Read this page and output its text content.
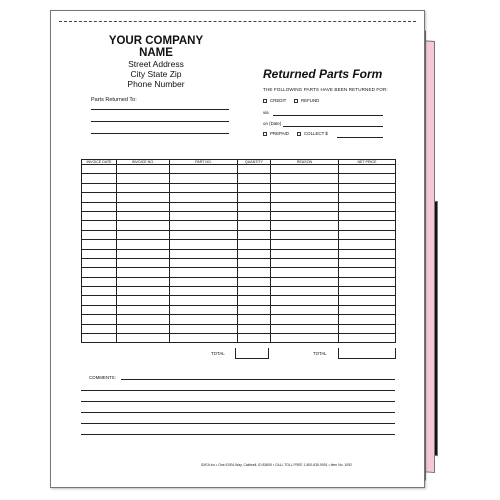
YOUR COMPANY
NAME
Street Address
City State Zip
Phone Number
Returned Parts Form
THE FOLLOWING PARTS HAVE BEEN RETURNED FOR:
CREDIT	REFUND
via
on (Date)
PREPAID	COLLECT $
Parts Returned To:
INVOICE DATE	INVOICE NO.	PART NO.	QUANTITY	REASON	NET PRICE

TOTAL	TOTAL
COMMENTS:
ID/EA Inc • One ID/EA Way, Caldwell, ID 83605 • CALL TOLL FREE 1-800-635-9091 • Item No. 1092
